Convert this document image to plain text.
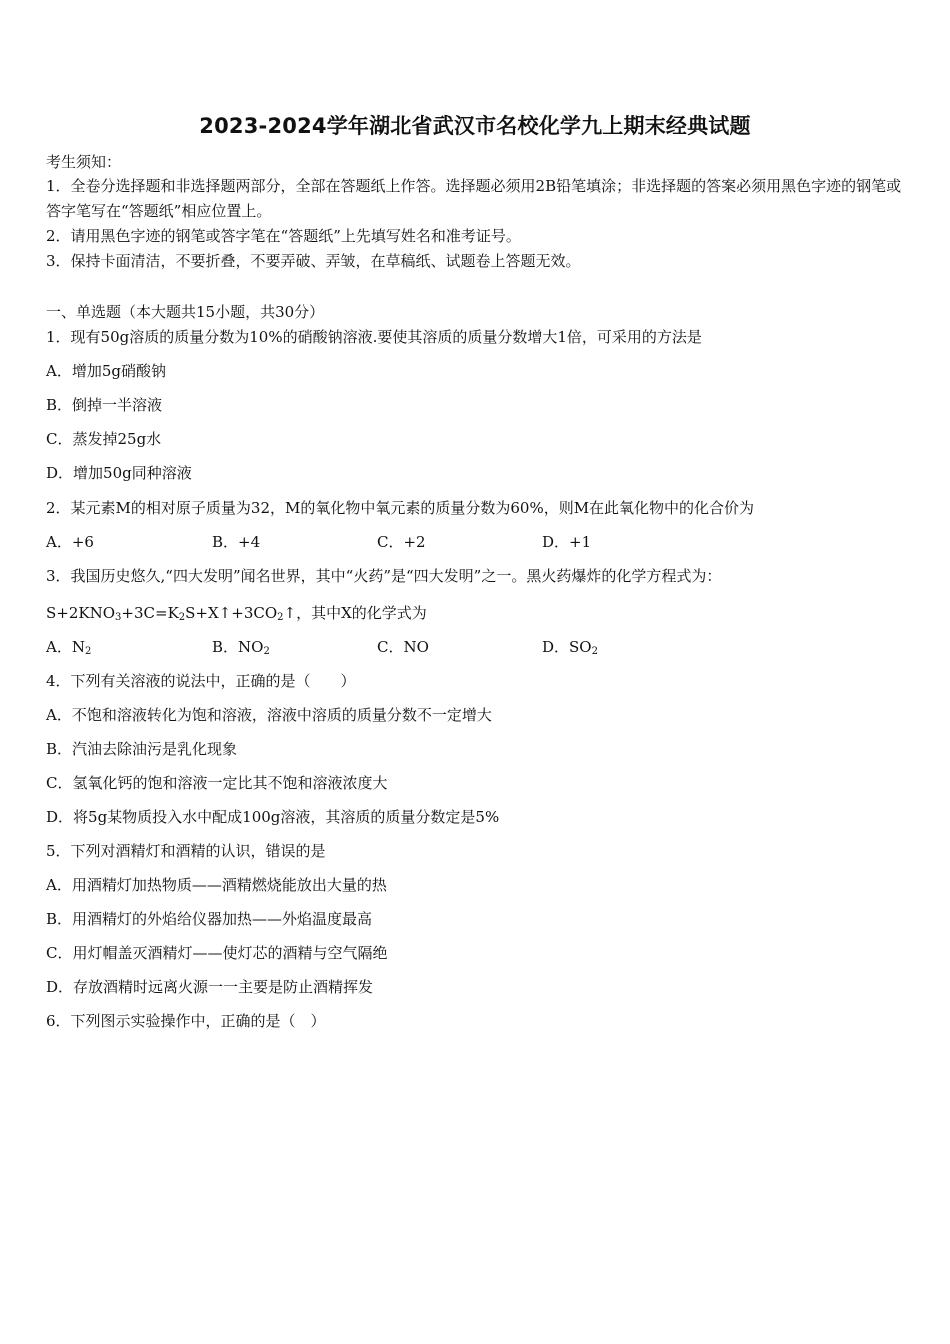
2023-2024学年湖北省武汉市名校化学九上期末经典试题
考生须知：
1．全卷分选择题和非选择题两部分，全部在答题纸上作答。选择题必须用2B铅笔填涂；非选择题的答案必须用黑色字迹的钢笔或答字笔写在“答题纸”相应位置上。
2．请用黑色字迹的钢笔或答字笔在“答题纸”上先填写姓名和准考证号。
3．保持卡面清洁，不要折叠，不要弄破、弄皱，在草稿纸、试题卷上答题无效。
一、单选题（本大题共15小题，共30分）
1．现有50g溶质的质量分数为10%的硝酸钠溶液.要使其溶质的质量分数增大1倍，可采用的方法是
A．增加5g硝酸钠
B．倒掉一半溶液
C．蒸发掉25g水
D．增加50g同种溶液
2．某元素M的相对原子质量为32，M的氧化物中氧元素的质量分数为60%，则M在此氧化物中的化合价为
A．+6	B．+4	C．+2	D．+1
3．我国历史悠久,“四大发明”闻名世界，其中“火药”是“四大发明”之一。黑火药爆炸的化学方程式为：
$S+2KNO_3+3C=K_2S+X↑+3CO_2↑$，其中X的化学式为
A．$N_2$	B．$NO_2$	C．NO	D．$SO_2$
4．下列有关溶液的说法中，正确的是（　　）
A．不饱和溶液转化为饱和溶液，溶液中溶质的质量分数不一定增大
B．汽油去除油污是乳化现象
C．氢氧化钙的饱和溶液一定比其不饱和溶液浓度大
D．将5g某物质投入水中配成100g溶液，其溶质的质量分数定是5%
5．下列对酒精灯和酒精的认识，错误的是
A．用酒精灯加热物质——酒精燃烧能放出大量的热
B．用酒精灯的外焰给仪器加热——外焰温度最高
C．用灯帽盖灭酒精灯——使灯芯的酒精与空气隔绝
D．存放酒精时远离火源一一主要是防止酒精挥发
6．下列图示实验操作中，正确的是（　）
